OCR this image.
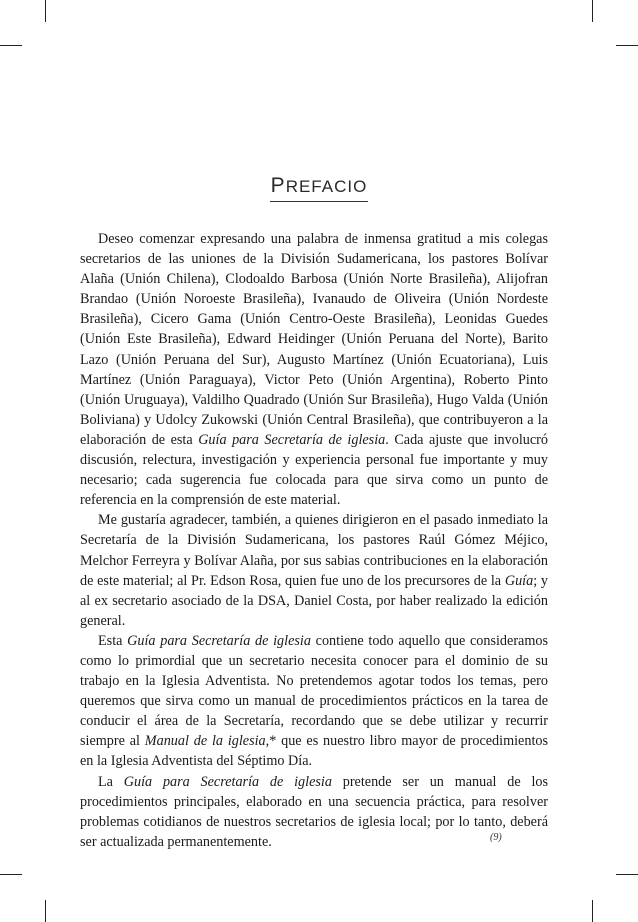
PREFACIO

Deseo comenzar expresando una palabra de inmensa gratitud a mis colegas secretarios de las uniones de la División Sudamericana, los pastores Bolívar Alaña (Unión Chilena), Clodoaldo Barbosa (Unión Norte Brasileña), Alijofran Brandao (Unión Noroeste Brasileña), Ivanaudo de Oliveira (Unión Nordeste Brasileña), Cicero Gama (Unión Centro-Oeste Brasileña), Leonidas Guedes (Unión Este Brasileña), Edward Heidinger (Unión Peruana del Norte), Barito Lazo (Unión Peruana del Sur), Augusto Martínez (Unión Ecuatoriana), Luis Martínez (Unión Paraguaya), Victor Peto (Unión Argentina), Roberto Pinto (Unión Uruguaya), Valdilho Quadrado (Unión Sur Brasileña), Hugo Valda (Unión Boliviana) y Udolcy Zukowski (Unión Central Brasileña), que contribuyeron a la elaboración de esta Guía para Secretaría de iglesia. Cada ajuste que involucró discusión, relectura, investigación y experiencia personal fue importante y muy necesario; cada sugerencia fue colocada para que sirva como un punto de referencia en la comprensión de este material.

Me gustaría agradecer, también, a quienes dirigieron en el pasado inmediato la Secretaría de la División Sudamericana, los pastores Raúl Gómez Méjico, Melchor Ferreyra y Bolívar Alaña, por sus sabias contribuciones en la elaboración de este material; al Pr. Edson Rosa, quien fue uno de los precursores de la Guía; y al ex secretario asociado de la DSA, Daniel Costa, por haber realizado la edición general.

Esta Guía para Secretaría de iglesia contiene todo aquello que consideramos como lo primordial que un secretario necesita conocer para el dominio de su trabajo en la Iglesia Adventista. No pretendemos agotar todos los temas, pero queremos que sirva como un manual de procedimientos prácticos en la tarea de conducir el área de la Secretaría, recordando que se debe utilizar y recurrir siempre al Manual de la iglesia,* que es nuestro libro mayor de procedimientos en la Iglesia Adventista del Séptimo Día.

La Guía para Secretaría de iglesia pretende ser un manual de los procedimientos principales, elaborado en una secuencia práctica, para resolver problemas cotidianos de nuestros secretarios de iglesia local; por lo tanto, deberá ser actualizada permanentemente.	(9)
